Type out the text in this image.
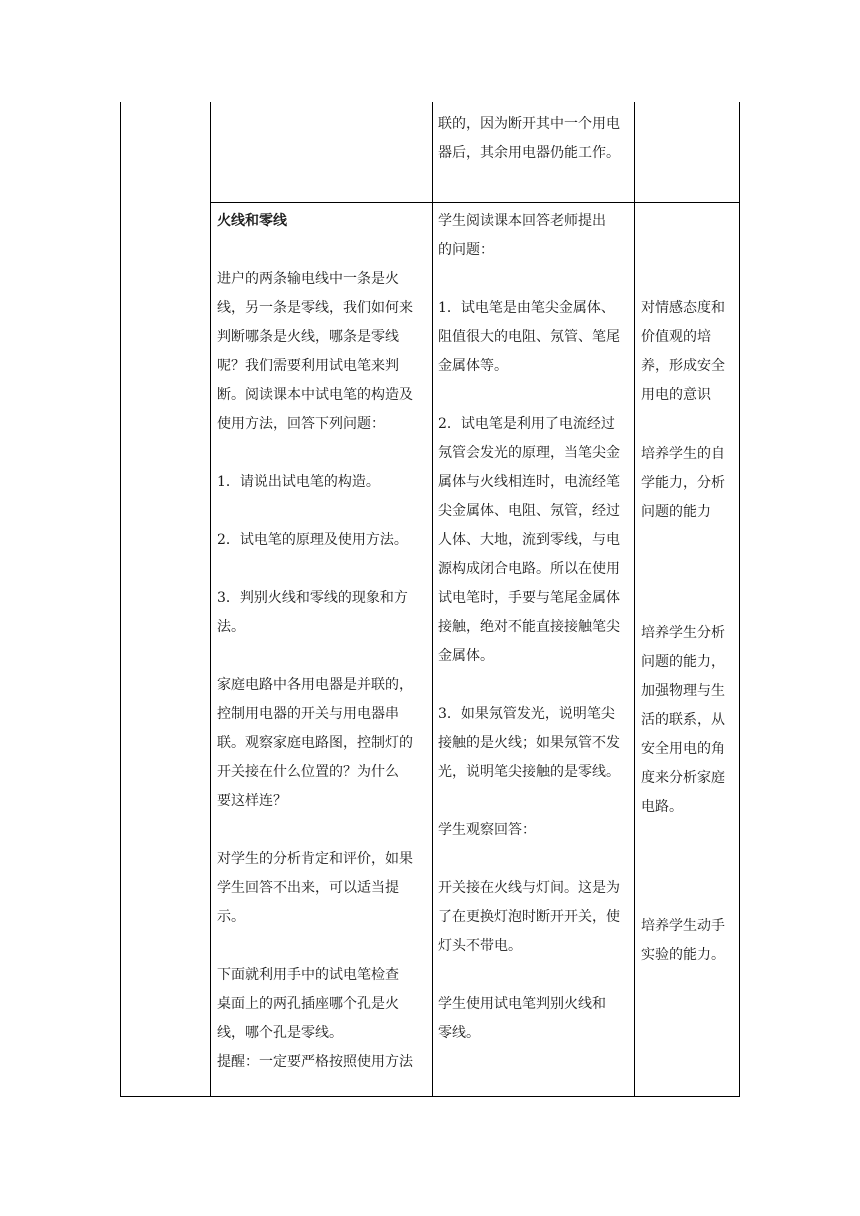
联的，因为断开其中一个用电

器后，其余用电器仍能工作。

火线和零线

进户的两条输电线中一条是火

线，另一条是零线，我们如何来

判断哪条是火线，哪条是零线

呢？我们需要利用试电笔来判

断。阅读课本中试电笔的构造及

使用方法，回答下列问题：

1．请说出试电笔的构造。

2．试电笔的原理及使用方法。

3．判别火线和零线的现象和方

法。

家庭电路中各用电器是并联的，

控制用电器的开关与用电器串

联。观察家庭电路图，控制灯的

开关接在什么位置的？为什么

要这样连？

对学生的分析肯定和评价，如果

学生回答不出来，可以适当提

示。

下面就利用手中的试电笔检查

桌面上的两孔插座哪个孔是火

线，哪个孔是零线。

提醒：一定要严格按照使用方法

学生阅读课本回答老师提出

的问题：

1．试电笔是由笔尖金属体、

阻值很大的电阻、氖管、笔尾

金属体等。

2．试电笔是利用了电流经过

氖管会发光的原理，当笔尖金

属体与火线相连时，电流经笔

尖金属体、电阻、氖管，经过

人体、大地，流到零线，与电

源构成闭合电路。所以在使用

试电笔时，手要与笔尾金属体

接触，绝对不能直接接触笔尖

金属体。

3．如果氖管发光，说明笔尖

接触的是火线；如果氖管不发

光，说明笔尖接触的是零线。

学生观察回答：

开关接在火线与灯间。这是为

了在更换灯泡时断开开关，使

灯头不带电。

学生使用试电笔判别火线和

零线。

对情感态度和

价值观的培

养，形成安全

用电的意识

培养学生的自

学能力，分析

问题的能力

培养学生分析

问题的能力，

加强物理与生

活的联系，从

安全用电的角

度来分析家庭

电路。

培养学生动手

实验的能力。
